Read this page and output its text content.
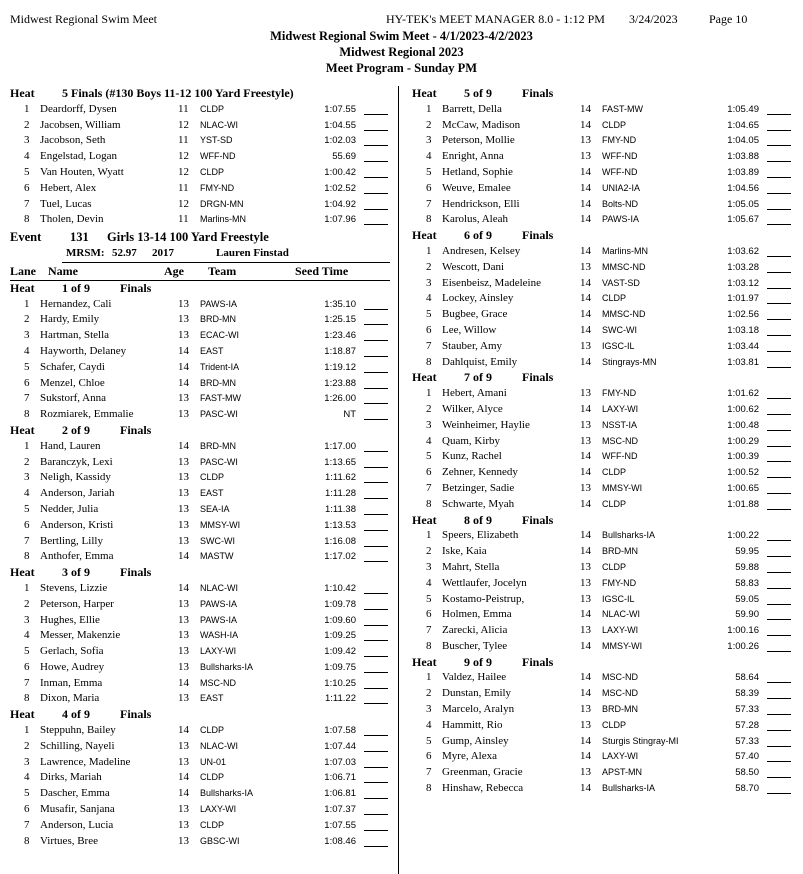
Midwest Regional Swim Meet	HY-TEK's MEET MANAGER 8.0 - 1:12 PM 3/24/2023	Page 10
Midwest Regional Swim Meet - 4/1/2023-4/2/2023
Midwest Regional 2023
Meet Program - Sunday PM
Heat 5 Finals (#130 Boys 11-12 100 Yard Freestyle)
1 Deardorff, Dysen	11 CLDP	1:07.55
2 Jacobsen, William	12 NLAC-WI	1:04.55
3 Jacobson, Seth	11 YST-SD	1:02.03
4 Engelstad, Logan	12 WFF-ND	55.69
5 Van Houten, Wyatt	12 CLDP	1:00.42
6 Hebert, Alex	11 FMY-ND	1:02.52
7 Tuel, Lucas	12 DRGN-MN	1:04.92
8 Tholen, Devin	11 Marlins-MN	1:07.96
Event 131 Girls 13-14 100 Yard Freestyle
MRSM: 52.97 2017	Lauren Finstad
Lane Name	Age Team	Seed Time
Heat 1 of 9	Finals
1 Hernandez, Cali	13 PAWS-IA	1:35.10
2 Hardy, Emily	13 BRD-MN	1:25.15
3 Hartman, Stella	13 ECAC-WI	1:23.46
4 Hayworth, Delaney	14 EAST	1:18.87
5 Schafer, Caydi	14 Trident-IA	1:19.12
6 Menzel, Chloe	14 BRD-MN	1:23.88
7 Sukstorf, Anna	13 FAST-MW	1:26.00
8 Rozmiarek, Emmalie	13 PASC-WI	NT
Heat 2 of 9	Finals
1 Hand, Lauren	14 BRD-MN	1:17.00
2 Baranczyk, Lexi	13 PASC-WI	1:13.65
3 Neligh, Kassidy	13 CLDP	1:11.62
4 Anderson, Jariah	13 EAST	1:11.28
5 Nedder, Julia	13 SEA-IA	1:11.38
6 Anderson, Kristi	13 MMSY-WI	1:13.53
7 Bertling, Lilly	13 SWC-WI	1:16.08
8 Anthofer, Emma	14 MASTW	1:17.02
Heat 3 of 9	Finals
1 Stevens, Lizzie	14 NLAC-WI	1:10.42
2 Peterson, Harper	13 PAWS-IA	1:09.78
3 Hughes, Ellie	13 PAWS-IA	1:09.60
4 Messer, Makenzie	13 WASH-IA	1:09.25
5 Gerlach, Sofia	13 LAXY-WI	1:09.42
6 Howe, Audrey	13 Bullsharks-IA	1:09.75
7 Inman, Emma	14 MSC-ND	1:10.25
8 Dixon, Maria	13 EAST	1:11.22
Heat 4 of 9	Finals
1 Steppuhn, Bailey	14 CLDP	1:07.58
2 Schilling, Nayeli	13 NLAC-WI	1:07.44
3 Lawrence, Madeline	13 UN-01	1:07.03
4 Dirks, Mariah	14 CLDP	1:06.71
5 Dascher, Emma	14 Bullsharks-IA	1:06.81
6 Musafir, Sanjana	13 LAXY-WI	1:07.37
7 Anderson, Lucia	13 CLDP	1:07.55
8 Virtues, Bree	13 GBSC-WI	1:08.46
Heat 5 of 9	Finals
1 Barrett, Della	14 FAST-MW	1:05.49
2 McCaw, Madison	14 CLDP	1:04.65
3 Peterson, Mollie	13 FMY-ND	1:04.05
4 Enright, Anna	13 WFF-ND	1:03.88
5 Hetland, Sophie	14 WFF-ND	1:03.89
6 Weuve, Emalee	14 UNIA2-IA	1:04.56
7 Hendrickson, Elli	14 Bolts-ND	1:05.05
8 Karolus, Aleah	14 PAWS-IA	1:05.67
Heat 6 of 9	Finals
1 Andresen, Kelsey	14 Marlins-MN	1:03.62
2 Wescott, Dani	13 MMSC-ND	1:03.28
3 Eisenbeisz, Madeleine	14 VAST-SD	1:03.12
4 Lockey, Ainsley	14 CLDP	1:01.97
5 Bugbee, Grace	14 MMSC-ND	1:02.56
6 Lee, Willow	14 SWC-WI	1:03.18
7 Stauber, Amy	13 IGSC-IL	1:03.44
8 Dahlquist, Emily	14 Stingrays-MN	1:03.81
Heat 7 of 9	Finals
1 Hebert, Amani	13 FMY-ND	1:01.62
2 Wilker, Alyce	14 LAXY-WI	1:00.62
3 Weinheimer, Haylie	13 NSST-IA	1:00.48
4 Quam, Kirby	13 MSC-ND	1:00.29
5 Kunz, Rachel	14 WFF-ND	1:00.39
6 Zehner, Kennedy	14 CLDP	1:00.52
7 Betzinger, Sadie	13 MMSY-WI	1:00.65
8 Schwarte, Myah	14 CLDP	1:01.88
Heat 8 of 9	Finals
1 Speers, Elizabeth	14 Bullsharks-IA	1:00.22
2 Iske, Kaia	14 BRD-MN	59.95
3 Mahrt, Stella	13 CLDP	59.88
4 Wettlaufer, Jocelyn	13 FMY-ND	58.83
5 Kostamo-Peistrup,	13 IGSC-IL	59.05
6 Holmen, Emma	14 NLAC-WI	59.90
7 Zarecki, Alicia	13 LAXY-WI	1:00.16
8 Buscher, Tylee	14 MMSY-WI	1:00.26
Heat 9 of 9	Finals
1 Valdez, Hailee	14 MSC-ND	58.64
2 Dunstan, Emily	14 MSC-ND	58.39
3 Marcelo, Aralyn	13 BRD-MN	57.33
4 Hammitt, Rio	13 CLDP	57.28
5 Gump, Ainsley	14 Sturgis Stingray-MI	57.33
6 Myre, Alexa	14 LAXY-WI	57.40
7 Greenman, Gracie	13 APST-MN	58.50
8 Hinshaw, Rebecca	14 Bullsharks-IA	58.70
